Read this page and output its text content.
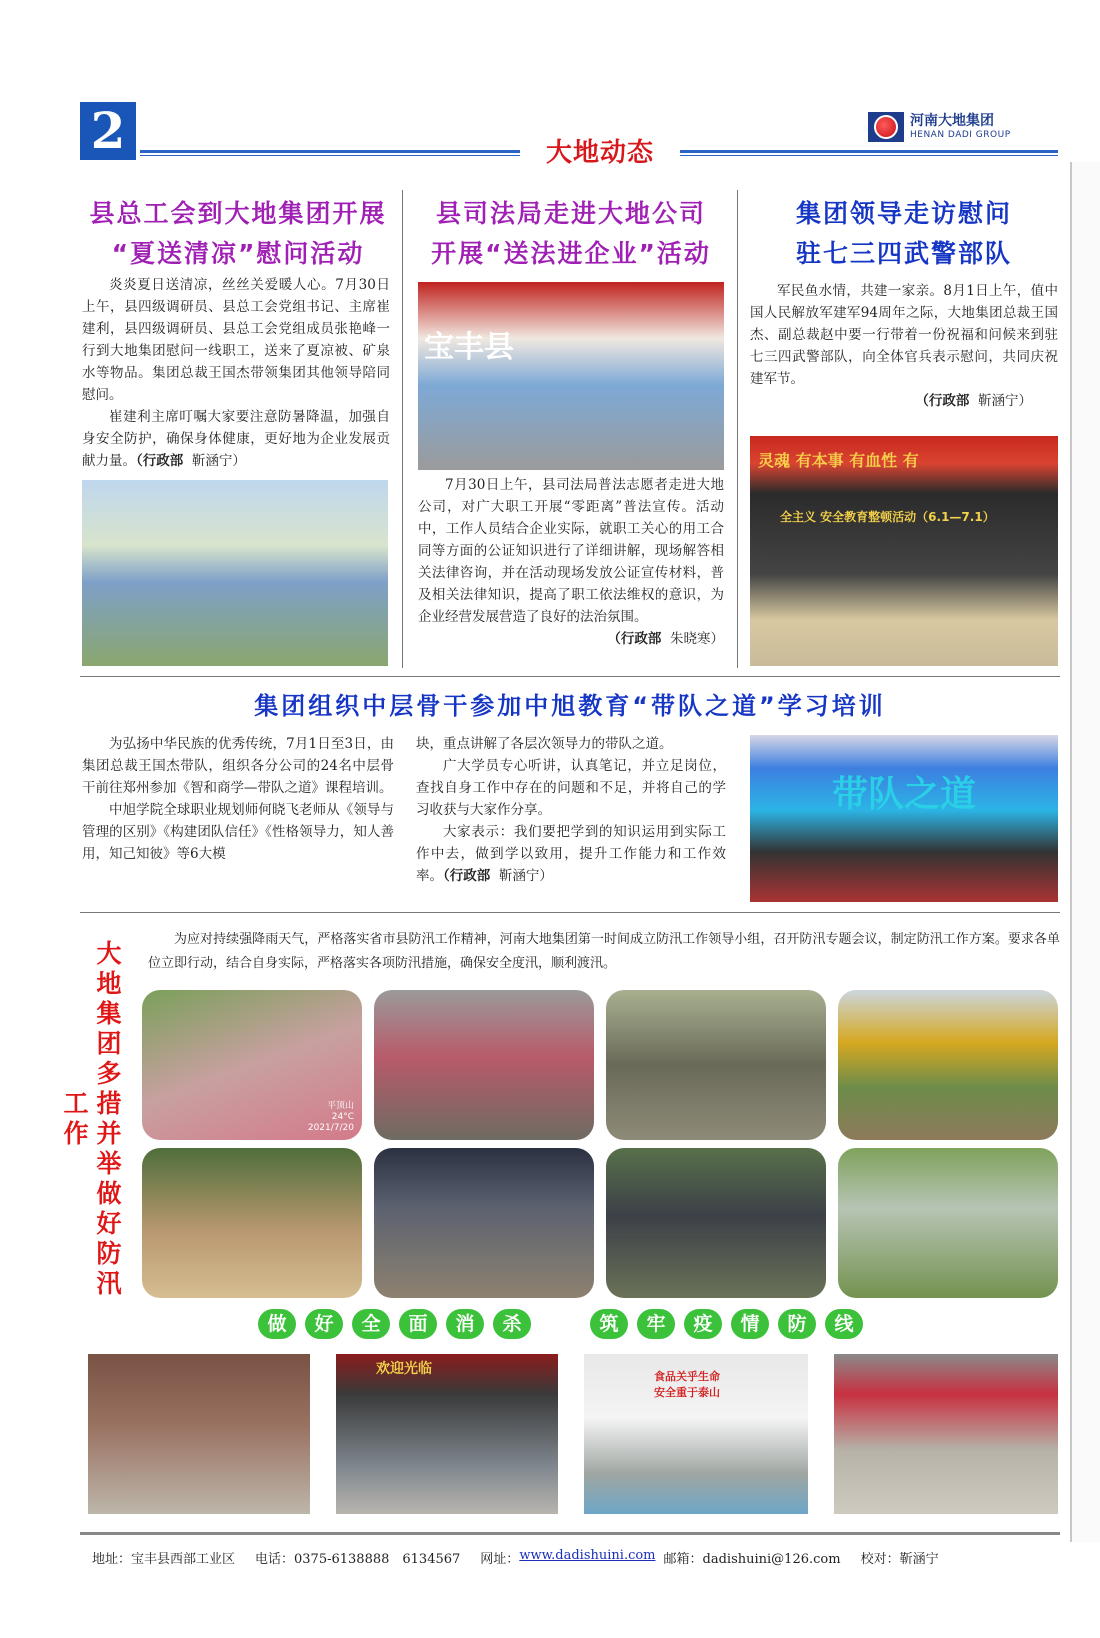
2	大地动态
河南大地集团
HENAN DADI GROUP
县总工会到大地集团开展
“夏送清凉”慰问活动

炎炎夏日送清凉，丝丝关爱暖人心。7月30日上午，县四级调研员、县总工会党组书记、主席崔建利，县四级调研员、县总工会党组成员张艳峰一行到大地集团慰问一线职工，送来了夏凉被、矿泉水等物品。集团总裁王国杰带领集团其他领导陪同慰问。

崔建利主席叮嘱大家要注意防暑降温，加强自身安全防护，确保身体健康，更好地为企业发展贡献力量。（行政部 靳涵宁）

县司法局走进大地公司
开展“送法进企业”活动
宝丰县

7月30日上午，县司法局普法志愿者走进大地公司，对广大职工开展“零距离”普法宣传。活动中，工作人员结合企业实际，就职工关心的用工合同等方面的公证知识进行了详细讲解，现场解答相关法律咨询，并在活动现场发放公证宣传材料，普及相关法律知识，提高了职工依法维权的意识，为企业经营发展营造了良好的法治氛围。

（行政部 朱晓寒）

集团领导走访慰问
驻七三四武警部队

军民鱼水情，共建一家亲。8月1日上午，值中国人民解放军建军94周年之际，大地集团总裁王国杰、副总裁赵中要一行带着一份祝福和问候来到驻七三四武警部队，向全体官兵表示慰问，共同庆祝建军节。

（行政部 靳涵宁）

灵魂 有本事 有血性 有
全主义 安全教育整顿活动（6.1—7.1）
集团组织中层骨干参加中旭教育“带队之道”学习培训

为弘扬中华民族的优秀传统，7月1日至3日，由集团总裁王国杰带队，组织各分公司的24名中层骨干前往郑州参加《智和商学—带队之道》课程培训。

中旭学院全球职业规划师何晓飞老师从《领导与管理的区别》《构建团队信任》《性格领导力，知人善用，知己知彼》等6大模

块，重点讲解了各层次领导力的带队之道。

广大学员专心听讲，认真笔记，并立足岗位，查找自身工作中存在的问题和不足，并将自己的学习收获与大家作分享。

大家表示：我们要把学到的知识运用到实际工作中去，做到学以致用，提升工作能力和工作效率。（行政部 靳涵宁）

带队之道
大地集团多措并举做好防汛工作

为应对持续强降雨天气，严格落实省市县防汛工作精神，河南大地集团第一时间成立防汛工作领导小组，召开防汛专题会议，制定防汛工作方案。要求各单位立即行动，结合自身实际，严格落实各项防汛措施，确保安全度汛，顺利渡汛。

平顶山
24°C
2021/7/20
做	好	全	面	消	杀	筑	牢	疫	情	防	线
欢迎光临	食品关乎生命
安全重于泰山
地址：宝丰县西部工业区 电话：0375-6138888　6134567 网址： www.dadishuini.com 邮箱：dadishuini@126.com 校对：靳涵宁
